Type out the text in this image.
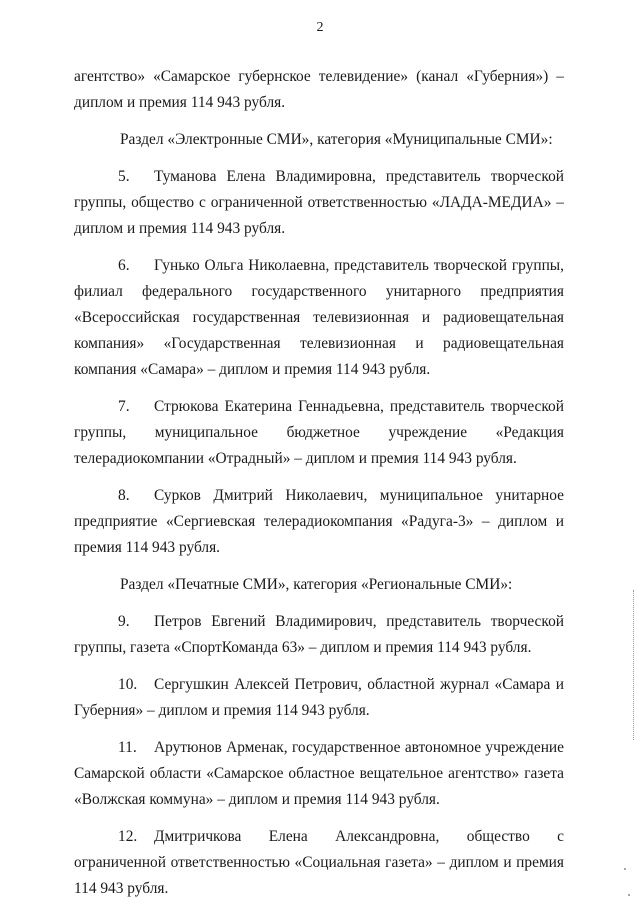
2

агентство» «Самарское губернское телевидение» (канал «Губерния») – диплом и премия 114 943 рубля.

Раздел «Электронные СМИ», категория «Муниципальные СМИ»:

5. Туманова Елена Владимировна, представитель творческой группы, общество с ограниченной ответственностью «ЛАДА-МЕДИА» – диплом и премия 114 943 рубля.

6. Гунько Ольга Николаевна, представитель творческой группы, филиал федерального государственного унитарного предприятия «Всероссийская государственная телевизионная и радиовещательная компания» «Государственная телевизионная и радиовещательная компания «Самара» – диплом и премия 114 943 рубля.

7. Стрюкова Екатерина Геннадьевна, представитель творческой группы, муниципальное бюджетное учреждение «Редакция телерадиокомпании «Отрадный» – диплом и премия 114 943 рубля.

8. Сурков Дмитрий Николаевич, муниципальное унитарное предприятие «Сергиевская телерадиокомпания «Радуга-3» – диплом и премия 114 943 рубля.

Раздел «Печатные СМИ», категория «Региональные СМИ»:

9. Петров Евгений Владимирович, представитель творческой группы, газета «СпортКоманда 63» – диплом и премия 114 943 рубля.

10. Сергушкин Алексей Петрович, областной журнал «Самара и Губерния» – диплом и премия 114 943 рубля.

11. Арутюнов Арменак, государственное автономное учреждение Самарской области «Самарское областное вещательное агентство» газета «Волжская коммуна» – диплом и премия 114 943 рубля.

12. Дмитричкова Елена Александровна, общество с ограниченной ответственностью «Социальная газета» – диплом и премия 114 943 рубля.
